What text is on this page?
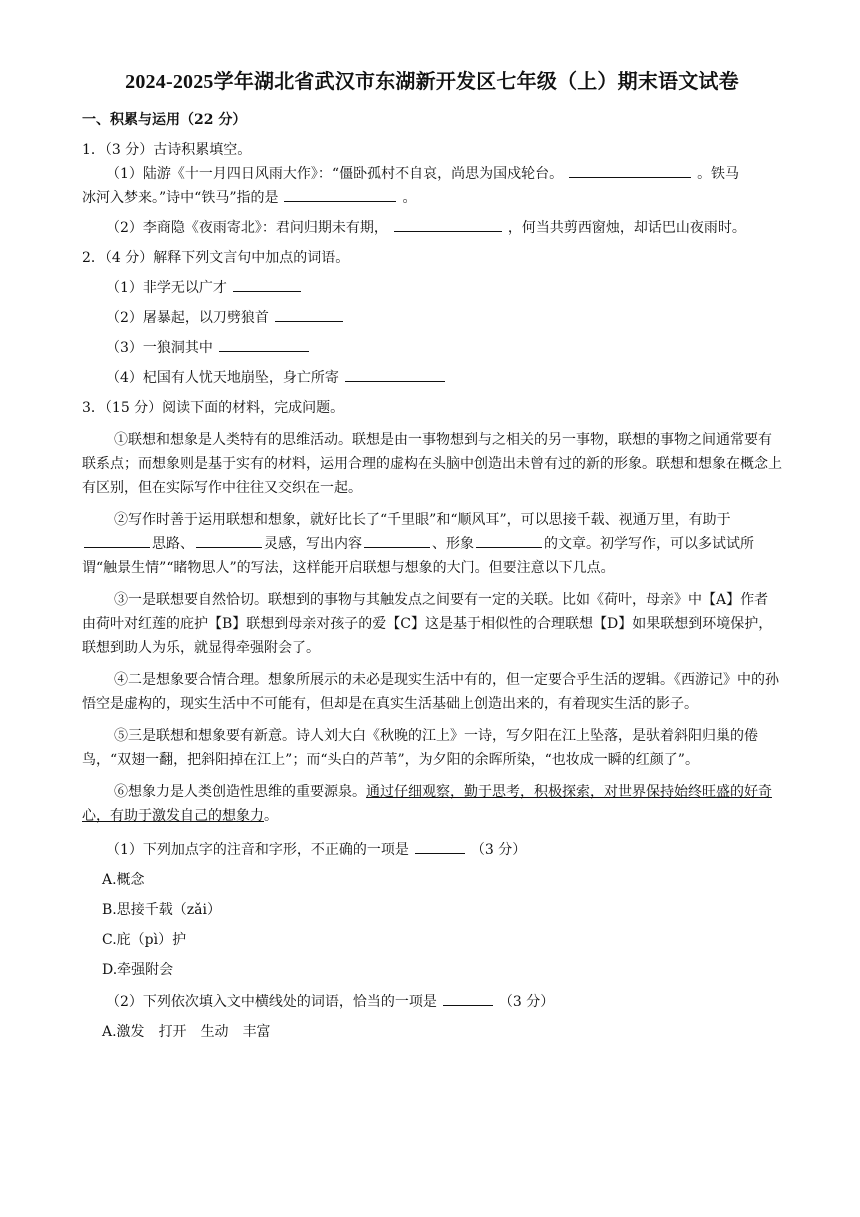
2024-2025学年湖北省武汉市东湖新开发区七年级（上）期末语文试卷
一、积累与运用（22 分）
1．（3 分）古诗积累填空。
（1）陆游《十一月四日风雨大作》：“僵卧孤村不自哀，尚思为国戍轮台。	。铁马
冰河入梦来。”诗中“铁马”指的是	。
（2）李商隐《夜雨寄北》：君问归期未有期，	，何当共剪西窗烛，却话巴山夜雨时。
2．（4 分）解释下列文言句中加点的词语。
（1）非学无以广才
（2）屠暴起，以刀劈狼首
（3）一狼洞其中
（4）杞国有人忧天地崩坠，身亡所寄
3．（15 分）阅读下面的材料，完成问题。
①联想和想象是人类特有的思维活动。联想是由一事物想到与之相关的另一事物，联想的事物之间通常要有联系点；而想象则是基于实有的材料，运用合理的虚构在头脑中创造出未曾有过的新的形象。联想和想象在概念上有区别，但在实际写作中往往又交织在一起。
②写作时善于运用联想和想象，就好比长了“千里眼”和“顺风耳”，可以思接千载、视通万里，有助于思路、	灵感，写出内容	、形象	的文章。初学写作，可以多试试所谓“触景生情”“睹物思人”的写法，这样能开启联想与想象的大门。但要注意以下几点。
③一是联想要自然恰切。联想到的事物与其触发点之间要有一定的关联。比如《荷叶，母亲》中【A】作者由荷叶对红莲的庇护【B】联想到母亲对孩子的爱【C】这是基于相似性的合理联想【D】如果联想到环境保护，联想到助人为乐，就显得牵强附会了。
④二是想象要合情合理。想象所展示的未必是现实生活中有的，但一定要合乎生活的逻辑。《西游记》中的孙悟空是虚构的，现实生活中不可能有，但却是在真实生活基础上创造出来的，有着现实生活的影子。
⑤三是联想和想象要有新意。诗人刘大白《秋晚的江上》一诗，写夕阳在江上坠落，是驮着斜阳归巢的倦鸟，“双翅一翻，把斜阳掉在江上”；而“头白的芦苇”，为夕阳的余晖所染，“也妆成一瞬的红颜了”。
⑥想象力是人类创造性思维的重要源泉。通过仔细观察，勤于思考，积极探索，对世界保持始终旺盛的好奇心，有助于激发自己的想象力。
（1）下列加点字的注音和字形，不正确的一项是	（3 分）
A.概念
B.思接千载（zǎi）
C.庇（pì）护
D.牵强附会
（2）下列依次填入文中横线处的词语，恰当的一项是	（3 分）
A.激发 打开 生动 丰富
